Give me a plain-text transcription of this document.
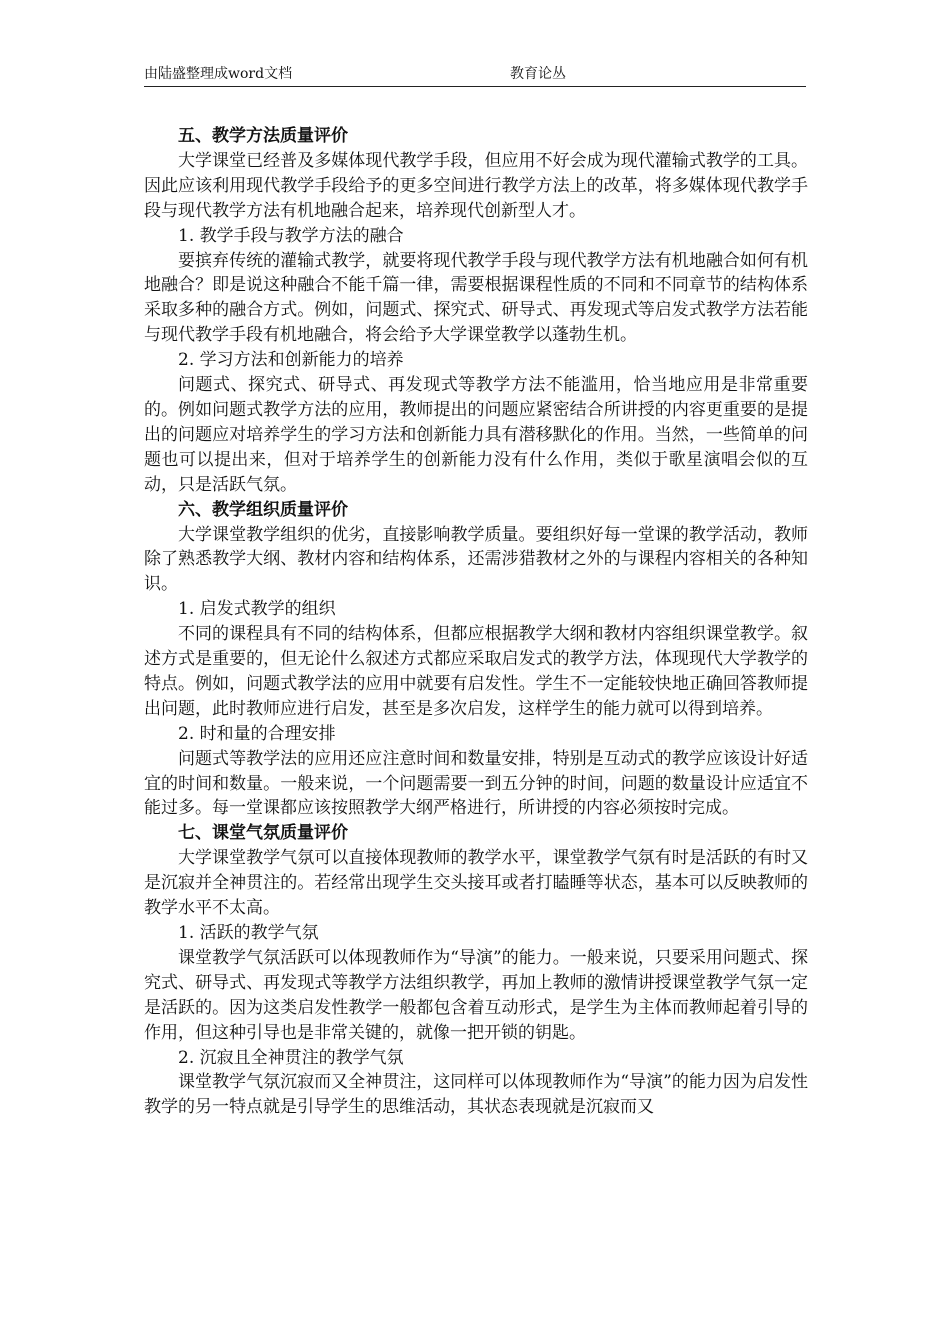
由陆盛整理成word文档	教育论丛
五、教学方法质量评价

大学课堂已经普及多媒体现代教学手段，但应用不好会成为现代灌输式教学的工具。因此应该利用现代教学手段给予的更多空间进行教学方法上的改革，将多媒体现代教学手段与现代教学方法有机地融合起来，培养现代创新型人才。

1. 教学手段与教学方法的融合

要摈弃传统的灌输式教学，就要将现代教学手段与现代教学方法有机地融合如何有机地融合？即是说这种融合不能千篇一律，需要根据课程性质的不同和不同章节的结构体系采取多种的融合方式。例如，问题式、探究式、研导式、再发现式等启发式教学方法若能与现代教学手段有机地融合，将会给予大学课堂教学以蓬勃生机。

2. 学习方法和创新能力的培养

问题式、探究式、研导式、再发现式等教学方法不能滥用，恰当地应用是非常重要的。例如问题式教学方法的应用，教师提出的问题应紧密结合所讲授的内容更重要的是提出的问题应对培养学生的学习方法和创新能力具有潜移默化的作用。当然，一些简单的问题也可以提出来，但对于培养学生的创新能力没有什么作用，类似于歌星演唱会似的互动，只是活跃气氛。

六、教学组织质量评价

大学课堂教学组织的优劣，直接影响教学质量。要组织好每一堂课的教学活动，教师除了熟悉教学大纲、教材内容和结构体系，还需涉猎教材之外的与课程内容相关的各种知识。

1. 启发式教学的组织

不同的课程具有不同的结构体系，但都应根据教学大纲和教材内容组织课堂教学。叙述方式是重要的，但无论什么叙述方式都应采取启发式的教学方法，体现现代大学教学的特点。例如，问题式教学法的应用中就要有启发性。学生不一定能较快地正确回答教师提出问题，此时教师应进行启发，甚至是多次启发，这样学生的能力就可以得到培养。

2. 时和量的合理安排

问题式等教学法的应用还应注意时间和数量安排，特别是互动式的教学应该设计好适宜的时间和数量。一般来说，一个问题需要一到五分钟的时间，问题的数量设计应适宜不能过多。每一堂课都应该按照教学大纲严格进行，所讲授的内容必须按时完成。

七、课堂气氛质量评价

大学课堂教学气氛可以直接体现教师的教学水平，课堂教学气氛有时是活跃的有时又是沉寂并全神贯注的。若经常出现学生交头接耳或者打瞌睡等状态，基本可以反映教师的教学水平不太高。

1. 活跃的教学气氛

课堂教学气氛活跃可以体现教师作为“导演”的能力。一般来说，只要采用问题式、探究式、研导式、再发现式等教学方法组织教学，再加上教师的激情讲授课堂教学气氛一定是活跃的。因为这类启发性教学一般都包含着互动形式，是学生为主体而教师起着引导的作用，但这种引导也是非常关键的，就像一把开锁的钥匙。

2. 沉寂且全神贯注的教学气氛

课堂教学气氛沉寂而又全神贯注，这同样可以体现教师作为“导演”的能力因为启发性教学的另一特点就是引导学生的思维活动，其状态表现就是沉寂而又
